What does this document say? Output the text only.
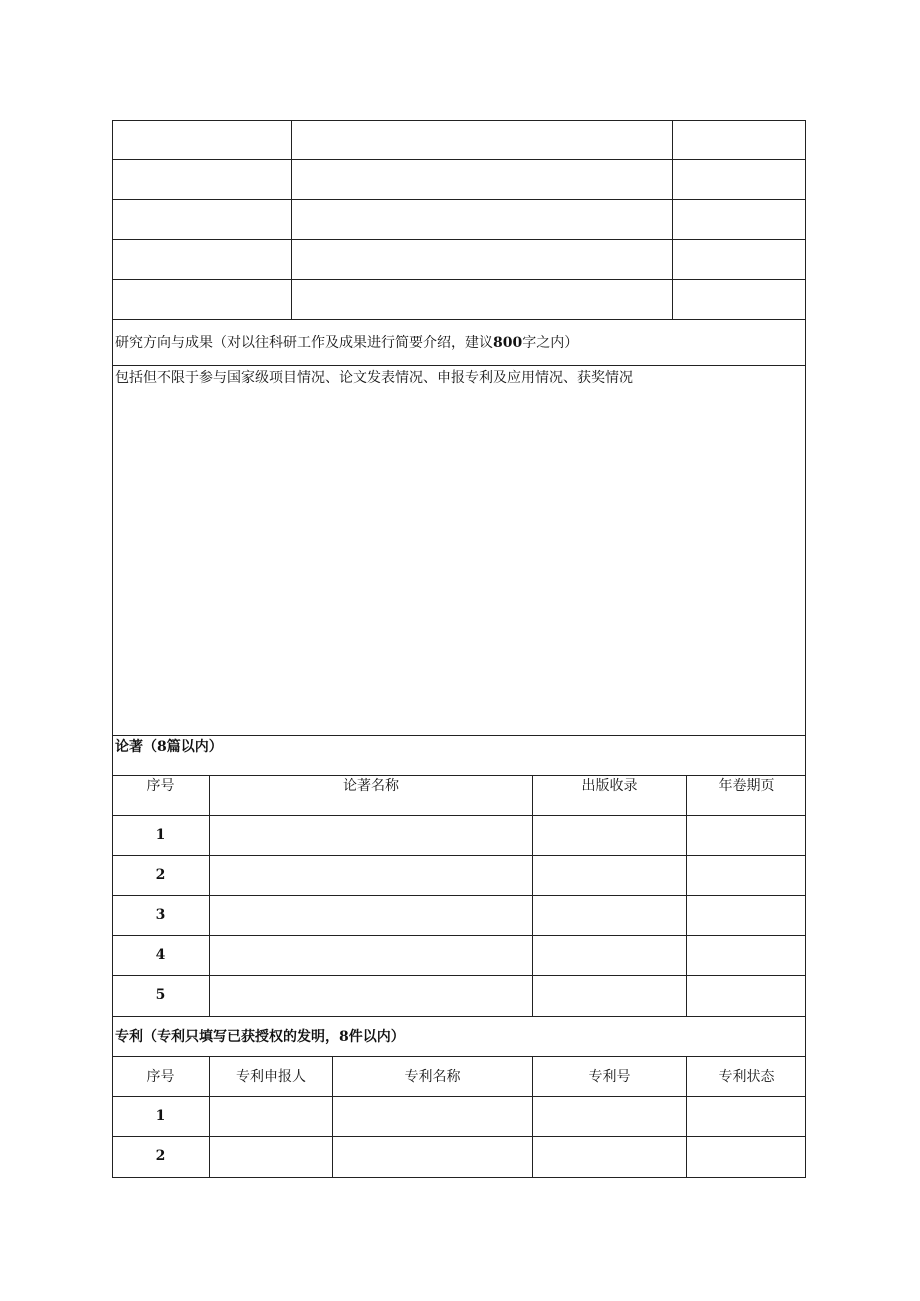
研究方向与成果（对以往科研工作及成果进行简要介绍，建议800字之内）
包括但不限于参与国家级项目情况、论文发表情况、申报专利及应用情况、获奖情况
论著（8篇以内）
序号	论著名称	出版收录	年卷期页
1
2
3
4
5
专利（专利只填写已获授权的发明，8件以内）
序号	专利申报人	专利名称	专利号	专利状态
1
2
